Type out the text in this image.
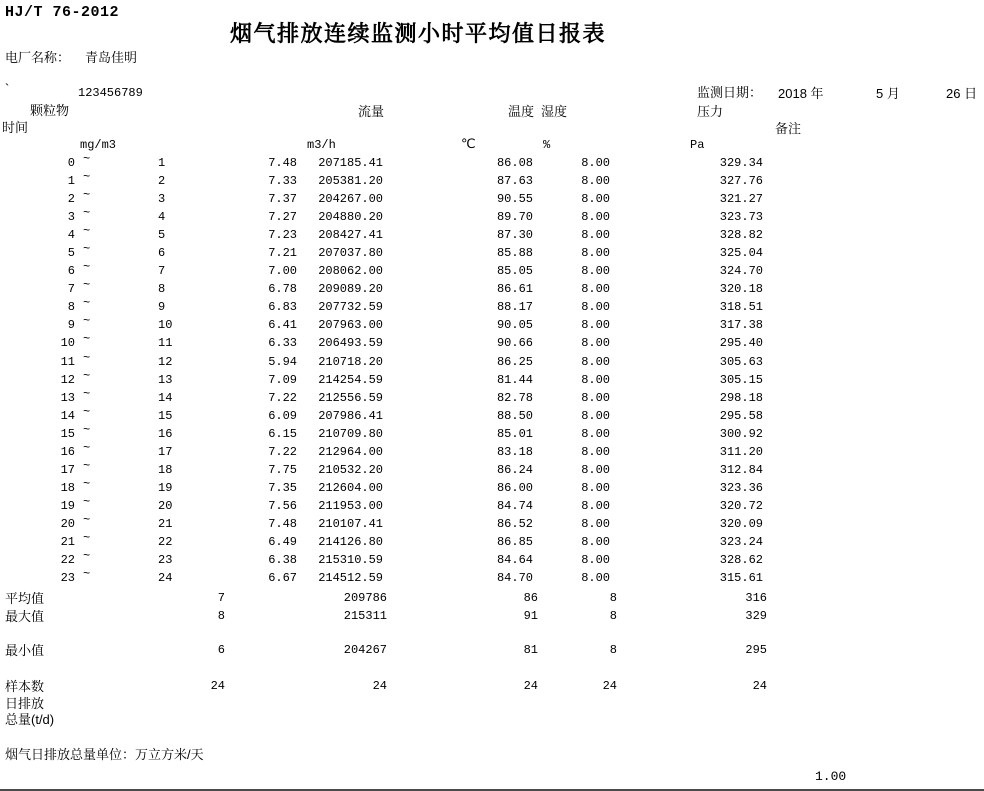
HJ/T 76-2012
烟气排放连续监测小时平均值日报表
电厂名称： 青岛佳明
`	123456789	监测日期： 2018 年	5 月	26 日
颗粒物
时间
流量	温度 湿度	压力
备注
mg/m3	m3/h	℃	%	Pa
0 ~	1	7.48	207185.41	86.08	8.00	329.34
1 ~	2	7.33	205381.20	87.63	8.00	327.76
2 ~	3	7.37	204267.00	90.55	8.00	321.27
3 ~	4	7.27	204880.20	89.70	8.00	323.73
4 ~	5	7.23	208427.41	87.30	8.00	328.82
5 ~	6	7.21	207037.80	85.88	8.00	325.04
6 ~	7	7.00	208062.00	85.05	8.00	324.70
7 ~	8	6.78	209089.20	86.61	8.00	320.18
8 ~	9	6.83	207732.59	88.17	8.00	318.51
9 ~	10	6.41	207963.00	90.05	8.00	317.38
10 ~	11	6.33	206493.59	90.66	8.00	295.40
11 ~	12	5.94	210718.20	86.25	8.00	305.63
12 ~	13	7.09	214254.59	81.44	8.00	305.15
13 ~	14	7.22	212556.59	82.78	8.00	298.18
14 ~	15	6.09	207986.41	88.50	8.00	295.58
15 ~	16	6.15	210709.80	85.01	8.00	300.92
16 ~	17	7.22	212964.00	83.18	8.00	311.20
17 ~	18	7.75	210532.20	86.24	8.00	312.84
18 ~	19	7.35	212604.00	86.00	8.00	323.36
19 ~	20	7.56	211953.00	84.74	8.00	320.72
20 ~	21	7.48	210107.41	86.52	8.00	320.09
21 ~	22	6.49	214126.80	86.85	8.00	323.24
22 ~	23	6.38	215310.59	84.64	8.00	328.62
23 ~	24	6.67	214512.59	84.70	8.00	315.61
平均值	7	209786	86	8	316
最大值	8	215311	91	8	329
最小值	6	204267	81	8	295
样本数	24	24	24	24	24
日排放
总量(t/d)
烟气日排放总量单位：万立方米/天
1.00
